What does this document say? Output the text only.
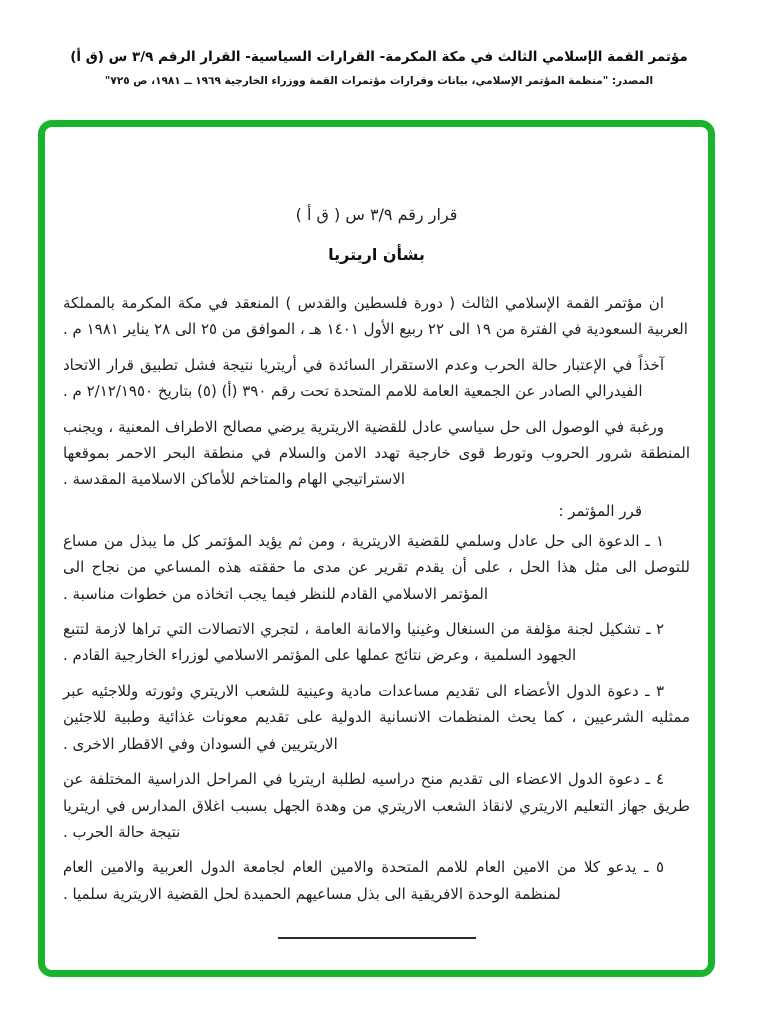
مؤتمر القمة الإسلامي الثالث في مكة المكرمة- القرارات السياسية- القرار الرقم ٣/٩ س (ق أ)
المصدر: "منظمة المؤتمر الإسلامي، بيانات وقرارات مؤتمرات القمة ووزراء الخارجية ١٩٦٩ ــ ١٩٨١، ص ٧٢٥"
قرار رقم ٣/٩ س ( ق أ )
بشأن اريتريا

ان مؤتمر القمة الإسلامي الثالث ( دورة فلسطين والقدس ) المنعقد في مكة المكرمة بالمملكة العربية السعودية في الفترة من ١٩ الى ٢٢ ربيع الأول ١٤٠١ هـ ، الموافق من ٢٥ الى ٢٨ يناير ١٩٨١ م .

آخذاً في الإعتبار حالة الحرب وعدم الاستقرار السائدة في أريتريا نتيجة فشل تطبيق قرار الاتحاد الفيدرالي الصادر عن الجمعية العامة للامم المتحدة تحت رقم ٣٩٠ (أ) (٥) بتاريخ ٢/١٢/١٩٥٠ م .

ورغبة في الوصول الى حل سياسي عادل للقضية الاريترية يرضي مصالح الاطراف المعنية ، ويجنب المنطقة شرور الحروب وتورط قوى خارجية تهدد الامن والسلام في منطقة البحر الاحمر بموقعها الاستراتيجي الهام والمتاخم للأماكن الاسلامية المقدسة .

قرر المؤتمر :

١ ـ الدعوة الى حل عادل وسلمي للقضية الاريترية ، ومن ثم يؤيد المؤتمر كل ما يبذل من مساع للتوصل الى مثل هذا الحل ، على أن يقدم تقرير عن مدى ما حققته هذه المساعي من نجاح الى المؤتمر الاسلامي القادم للنظر فيما يجب اتخاذه من خطوات مناسبة .

٢ ـ تشكيل لجنة مؤلفة من السنغال وغينيا والامانة العامة ، لتجري الاتصالات التي تراها لازمة لتتبع الجهود السلمية ، وعرض نتائج عملها على المؤتمر الاسلامي لوزراء الخارجية القادم .

٣ ـ دعوة الدول الأعضاء الى تقديم مساعدات مادية وعينية للشعب الاريتري وثورته وللاجئيه عبر ممثليه الشرعيين ، كما يحث المنظمات الانسانية الدولية على تقديم معونات غذائية وطبية للاجئين الاريتريين في السودان وفي الاقطار الاخرى .

٤ ـ دعوة الدول الاعضاء الى تقديم منح دراسيه لطلبة اريتريا في المراحل الدراسية المختلفة عن طريق جهاز التعليم الاريتري لانقاذ الشعب الاريتري من وهدة الجهل بسبب اغلاق المدارس في اريتريا نتيجة حالة الحرب .

٥ ـ يدعو كلا من الامين العام للامم المتحدة والامين العام لجامعة الدول العربية والامين العام لمنظمة الوحدة الافريقية الى بذل مساعيهم الحميدة لحل القضية الاريترية سلميا .
